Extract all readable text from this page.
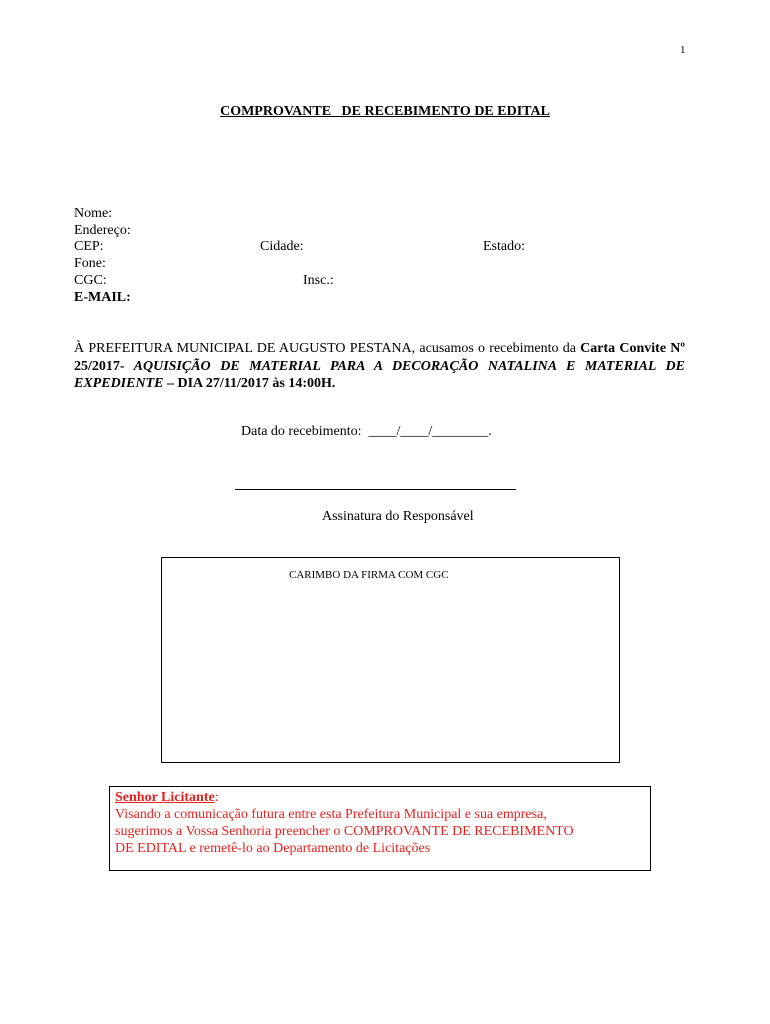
1
COMPROVANTE   DE RECEBIMENTO DE EDITAL
Nome:
Endereço:
CEP:	Cidade:	Estado:
Fone:
CGC:	Insc.:
E-MAIL:
À PREFEITURA MUNICIPAL DE AUGUSTO PESTANA, acusamos o recebimento da Carta Convite Nº 25/2017- AQUISIÇÃO DE MATERIAL PARA A DECORAÇÃO NATALINA E MATERIAL DE EXPEDIENTE – DIA 27/11/2017 às 14:00H.
Data do recebimento:  ____/____/________.
Assinatura do Responsável
CARIMBO DA FIRMA COM CGC
Senhor Licitante:
Visando a comunicação futura entre esta Prefeitura Municipal e sua empresa,
sugerimos a Vossa Senhoria preencher o COMPROVANTE DE RECEBIMENTO
DE EDITAL e remetê-lo ao Departamento de Licitações
